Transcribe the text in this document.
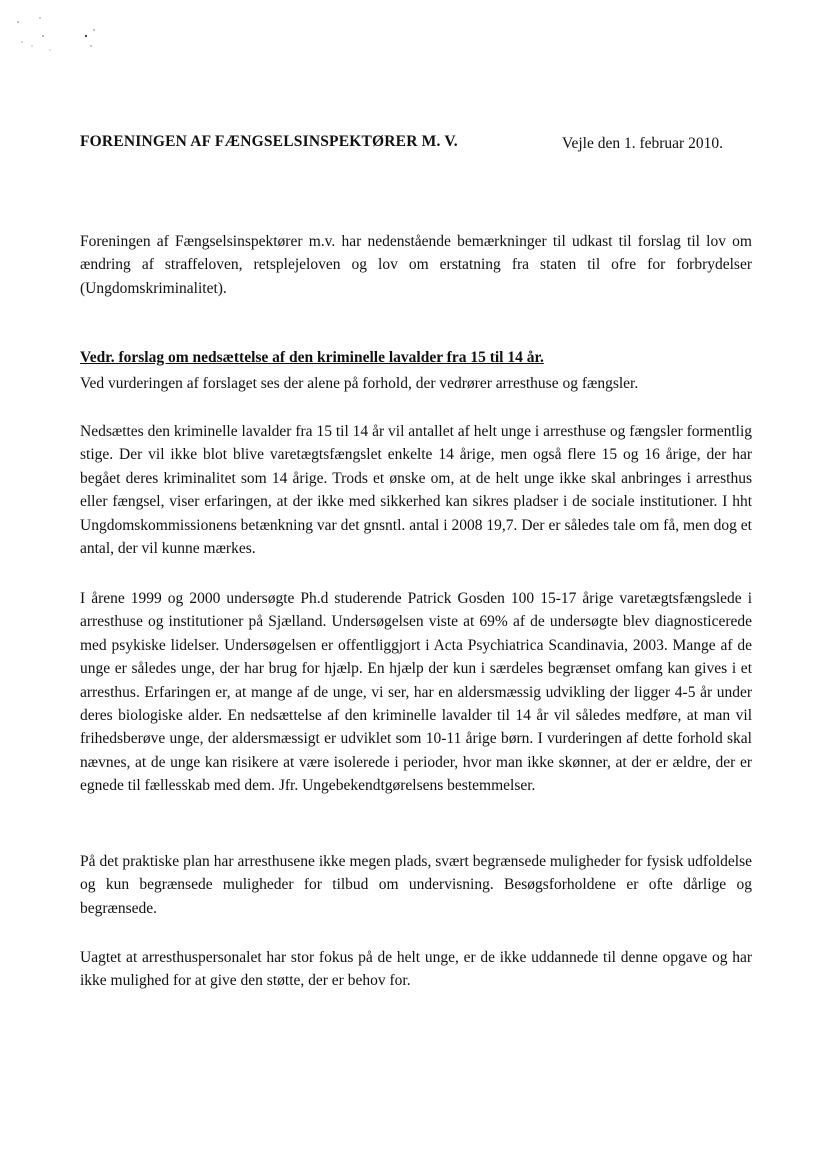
FORENINGEN AF FÆNGSELSINSPEKTØRER M. V.	Vejle den 1. februar 2010.

Foreningen af Fængselsinspektører m.v. har nedenstående bemærkninger til udkast til forslag til lov om ændring af straffeloven, retsplejeloven og lov om erstatning fra staten til ofre for forbrydelser (Ungdomskriminalitet).

Vedr. forslag om nedsættelse af den kriminelle lavalder fra 15 til 14 år.

Ved vurderingen af forslaget ses der alene på forhold, der vedrører arresthuse og fængsler.

Nedsættes den kriminelle lavalder fra 15 til 14 år vil antallet af helt unge i arresthuse og fængsler formentlig stige. Der vil ikke blot blive varetægtsfængslet enkelte 14 årige, men også flere 15 og 16 årige, der har begået deres kriminalitet som 14 årige. Trods et ønske om, at de helt unge ikke skal anbringes i arresthus eller fængsel, viser erfaringen, at der ikke med sikkerhed kan sikres pladser i de sociale institutioner. I hht Ungdomskommissionens betænkning var det gnsntl. antal i 2008 19,7. Der er således tale om få, men dog et antal, der vil kunne mærkes.

I årene 1999 og 2000 undersøgte Ph.d studerende Patrick Gosden 100 15-17 årige varetægtsfængslede i arresthuse og institutioner på Sjælland. Undersøgelsen viste at 69% af de undersøgte blev diagnosticerede med psykiske lidelser. Undersøgelsen er offentliggjort i Acta Psychiatrica Scandinavia, 2003. Mange af de unge er således unge, der har brug for hjælp. En hjælp der kun i særdeles begrænset omfang kan gives i et arresthus. Erfaringen er, at mange af de unge, vi ser, har en aldersmæssig udvikling der ligger 4-5 år under deres biologiske alder. En nedsættelse af den kriminelle lavalder til 14 år vil således medføre, at man vil frihedsberøve unge, der aldersmæssigt er udviklet som 10-11 årige børn. I vurderingen af dette forhold skal nævnes, at de unge kan risikere at være isolerede i perioder, hvor man ikke skønner, at der er ældre, der er egnede til fællesskab med dem. Jfr. Ungebekendtgørelsens bestemmelser.

På det praktiske plan har arresthusene ikke megen plads, svært begrænsede muligheder for fysisk udfoldelse og kun begrænsede muligheder for tilbud om undervisning. Besøgsforholdene er ofte dårlige og begrænsede.

Uagtet at arresthuspersonalet har stor fokus på de helt unge, er de ikke uddannede til denne opgave og har ikke mulighed for at give den støtte, der er behov for.
